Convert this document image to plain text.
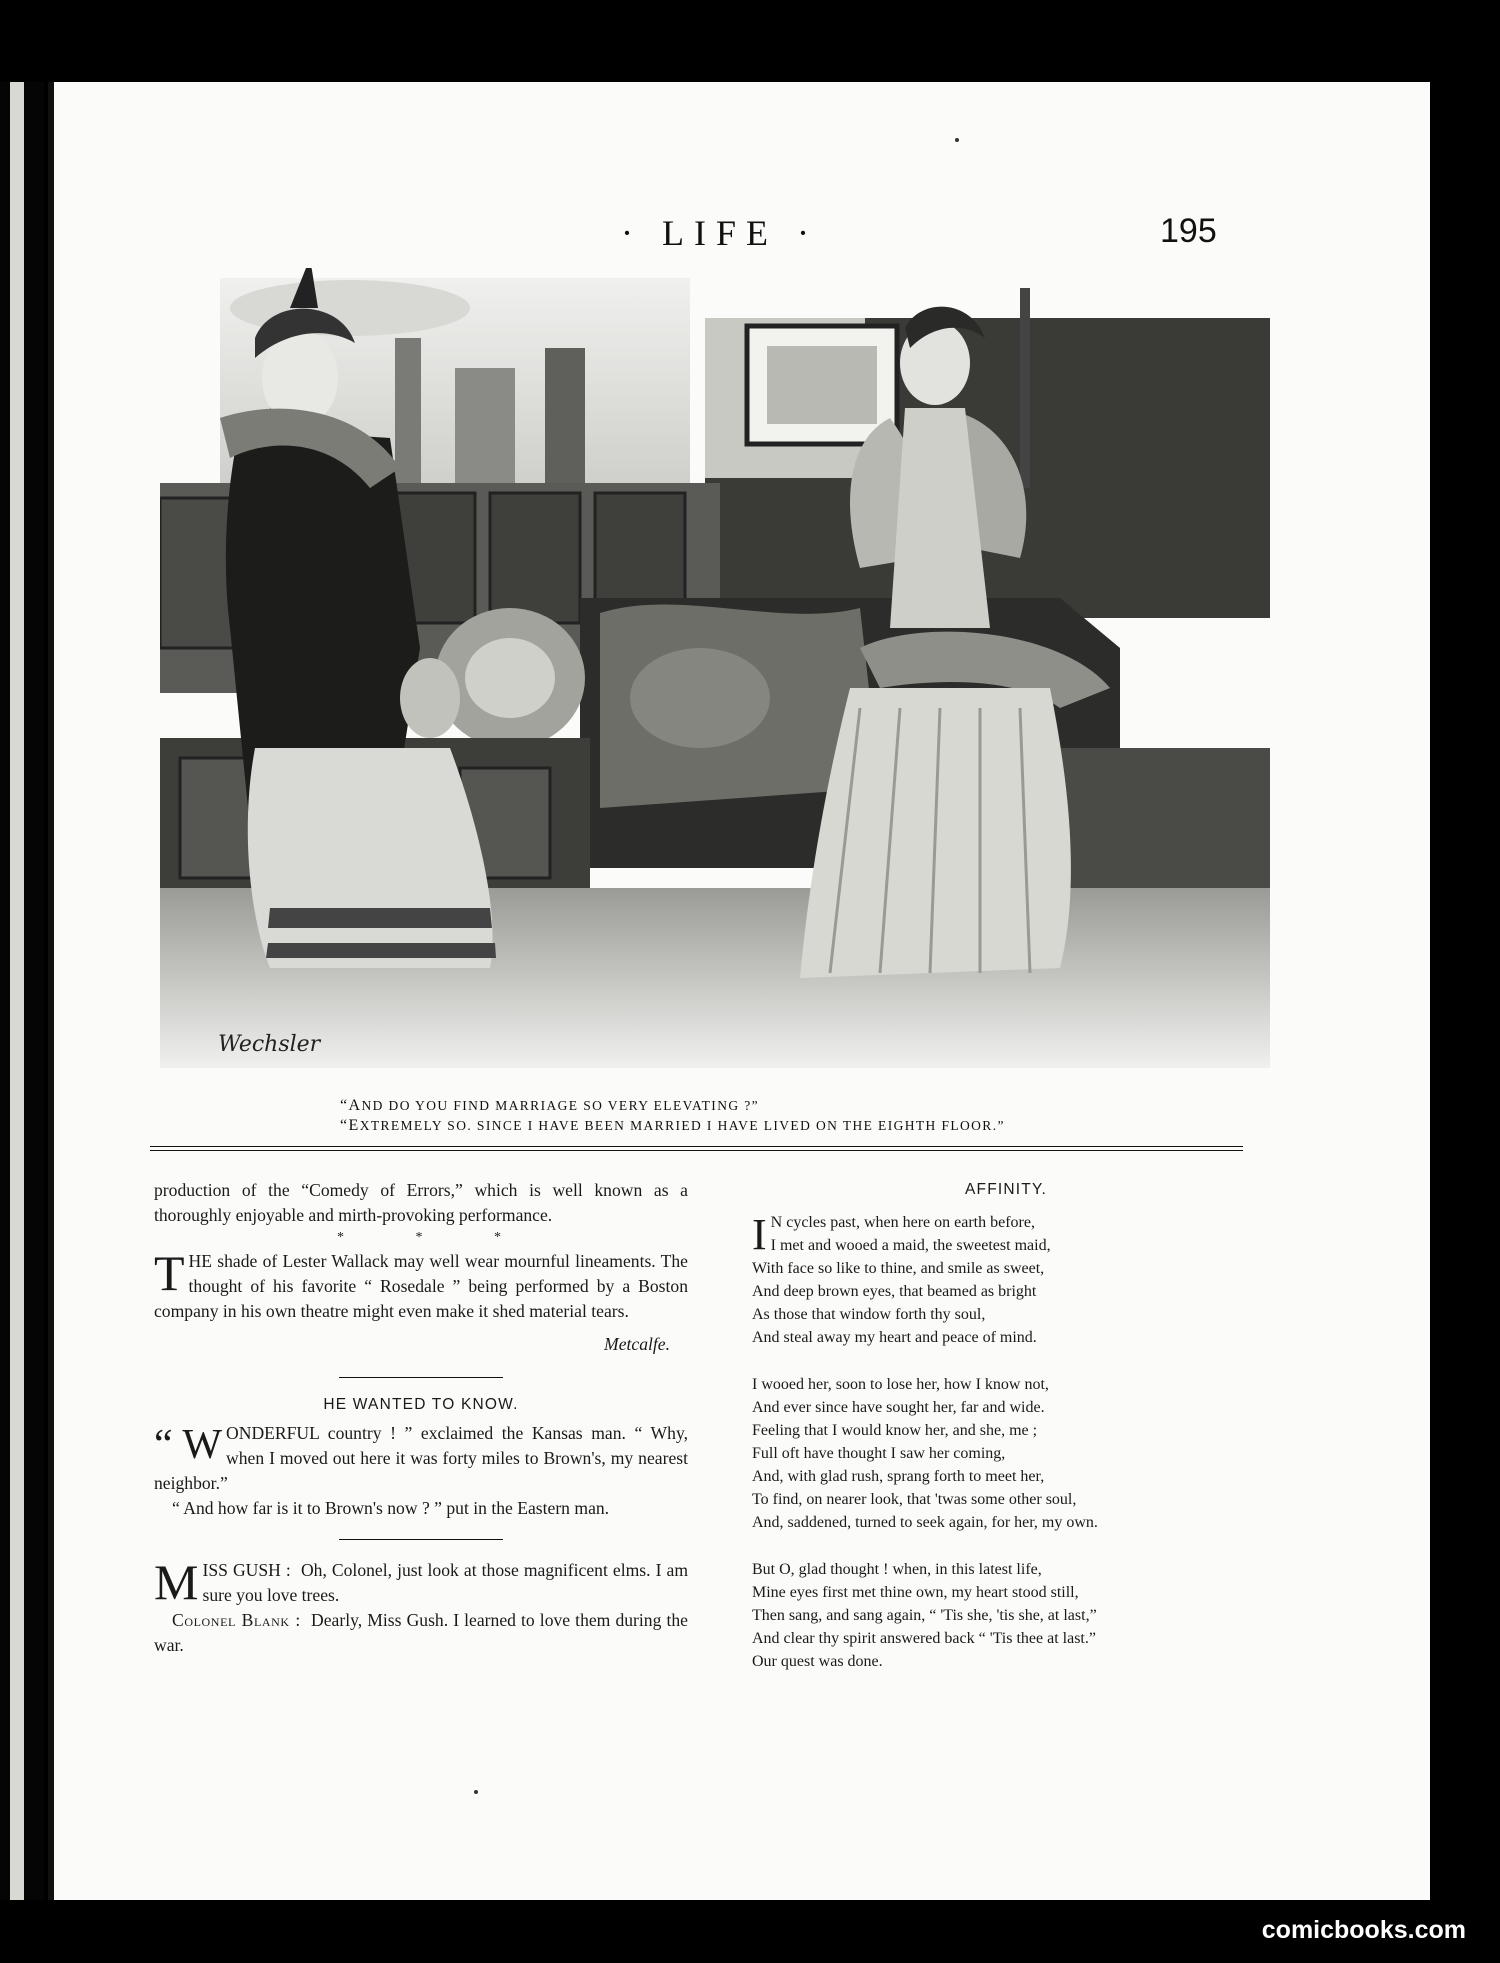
· LIFE ·	195
Wechsler
“AND DO YOU FIND MARRIAGE SO VERY ELEVATING ?”
“EXTREMELY SO. SINCE I HAVE BEEN MARRIED I HAVE LIVED ON THE EIGHTH FLOOR.”

production of the “Comedy of Errors,” which is well known as a thoroughly enjoyable and mirth-provoking performance.

* * *

THE shade of Lester Wallack may well wear mournful lineaments. The thought of his favorite “ Rosedale ” being performed by a Boston company in his own theatre might even make it shed material tears.

Metcalfe.
HE WANTED TO KNOW.

“ W ONDERFUL country ! ” exclaimed the Kansas man. “ Why, when I moved out here it was forty miles to Brown's, my nearest neighbor.”

“ And how far is it to Brown's now ? ” put in the Eastern man.

MISS GUSH : Oh, Colonel, just look at those magnificent elms. I am sure you love trees.

Colonel Blank : Dearly, Miss Gush. I learned to love them during the war.

AFFINITY.
I N cycles past, when here on earth before,
I met and wooed a maid, the sweetest maid,
With face so like to thine, and smile as sweet,
And deep brown eyes, that beamed as bright
As those that window forth thy soul,
And steal away my heart and peace of mind.
I wooed her, soon to lose her, how I know not,
And ever since have sought her, far and wide.
Feeling that I would know her, and she, me ;
Full oft have thought I saw her coming,
And, with glad rush, sprang forth to meet her,
To find, on nearer look, that 'twas some other soul,
And, saddened, turned to seek again, for her, my own.
But O, glad thought ! when, in this latest life,
Mine eyes first met thine own, my heart stood still,
Then sang, and sang again, “ 'Tis she, 'tis she, at last,”
And clear thy spirit answered back “ 'Tis thee at last.”
Our quest was done.
comicbooks.com
